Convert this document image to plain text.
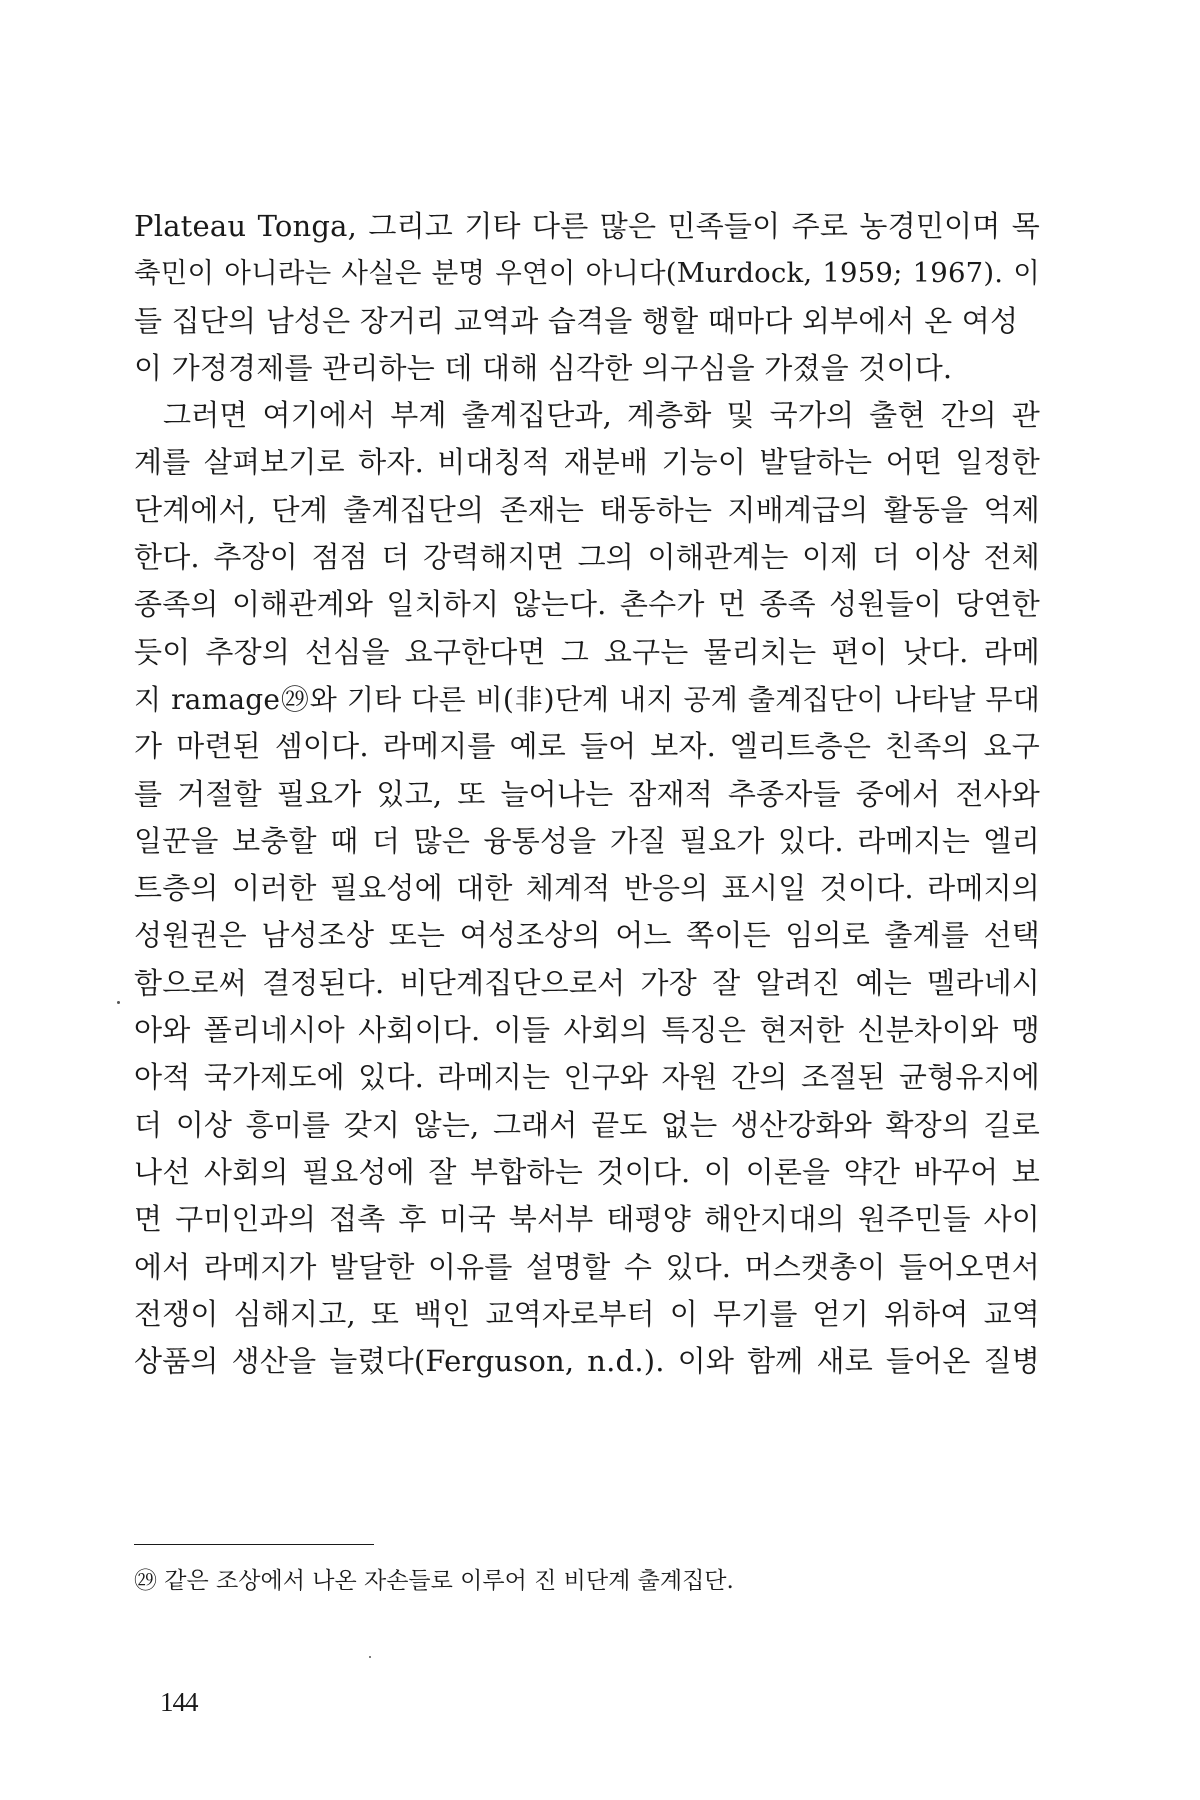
Plateau Tonga, 그리고 기타 다른 많은 민족들이 주로 농경민이며 목
축민이 아니라는 사실은 분명 우연이 아니다(Murdock, 1959; 1967). 이
들 집단의 남성은 장거리 교역과 습격을 행할 때마다 외부에서 온 여성
이 가정경제를 관리하는 데 대해 심각한 의구심을 가졌을 것이다.
그러면 여기에서 부계 출계집단과, 계층화 및 국가의 출현 간의 관
계를 살펴보기로 하자. 비대칭적 재분배 기능이 발달하는 어떤 일정한
단계에서, 단계 출계집단의 존재는 태동하는 지배계급의 활동을 억제
한다. 추장이 점점 더 강력해지면 그의 이해관계는 이제 더 이상 전체
종족의 이해관계와 일치하지 않는다. 촌수가 먼 종족 성원들이 당연한
듯이 추장의 선심을 요구한다면 그 요구는 물리치는 편이 낫다. 라메
지 ramage㉙와 기타 다른 비(非)단계 내지 공계 출계집단이 나타날 무대
가 마련된 셈이다. 라메지를 예로 들어 보자. 엘리트층은 친족의 요구
를 거절할 필요가 있고, 또 늘어나는 잠재적 추종자들 중에서 전사와
일꾼을 보충할 때 더 많은 융통성을 가질 필요가 있다. 라메지는 엘리
트층의 이러한 필요성에 대한 체계적 반응의 표시일 것이다. 라메지의
성원권은 남성조상 또는 여성조상의 어느 쪽이든 임의로 출계를 선택
함으로써 결정된다. 비단계집단으로서 가장 잘 알려진 예는 멜라네시
아와 폴리네시아 사회이다. 이들 사회의 특징은 현저한 신분차이와 맹
아적 국가제도에 있다. 라메지는 인구와 자원 간의 조절된 균형유지에
더 이상 흥미를 갖지 않는, 그래서 끝도 없는 생산강화와 확장의 길로
나선 사회의 필요성에 잘 부합하는 것이다. 이 이론을 약간 바꾸어 보
면 구미인과의 접촉 후 미국 북서부 태평양 해안지대의 원주민들 사이
에서 라메지가 발달한 이유를 설명할 수 있다. 머스캣총이 들어오면서
전쟁이 심해지고, 또 백인 교역자로부터 이 무기를 얻기 위하여 교역
상품의 생산을 늘렸다(Ferguson, n.d.). 이와 함께 새로 들어온 질병
㉙ 같은 조상에서 나온 자손들로 이루어 진 비단계 출계집단.
144
